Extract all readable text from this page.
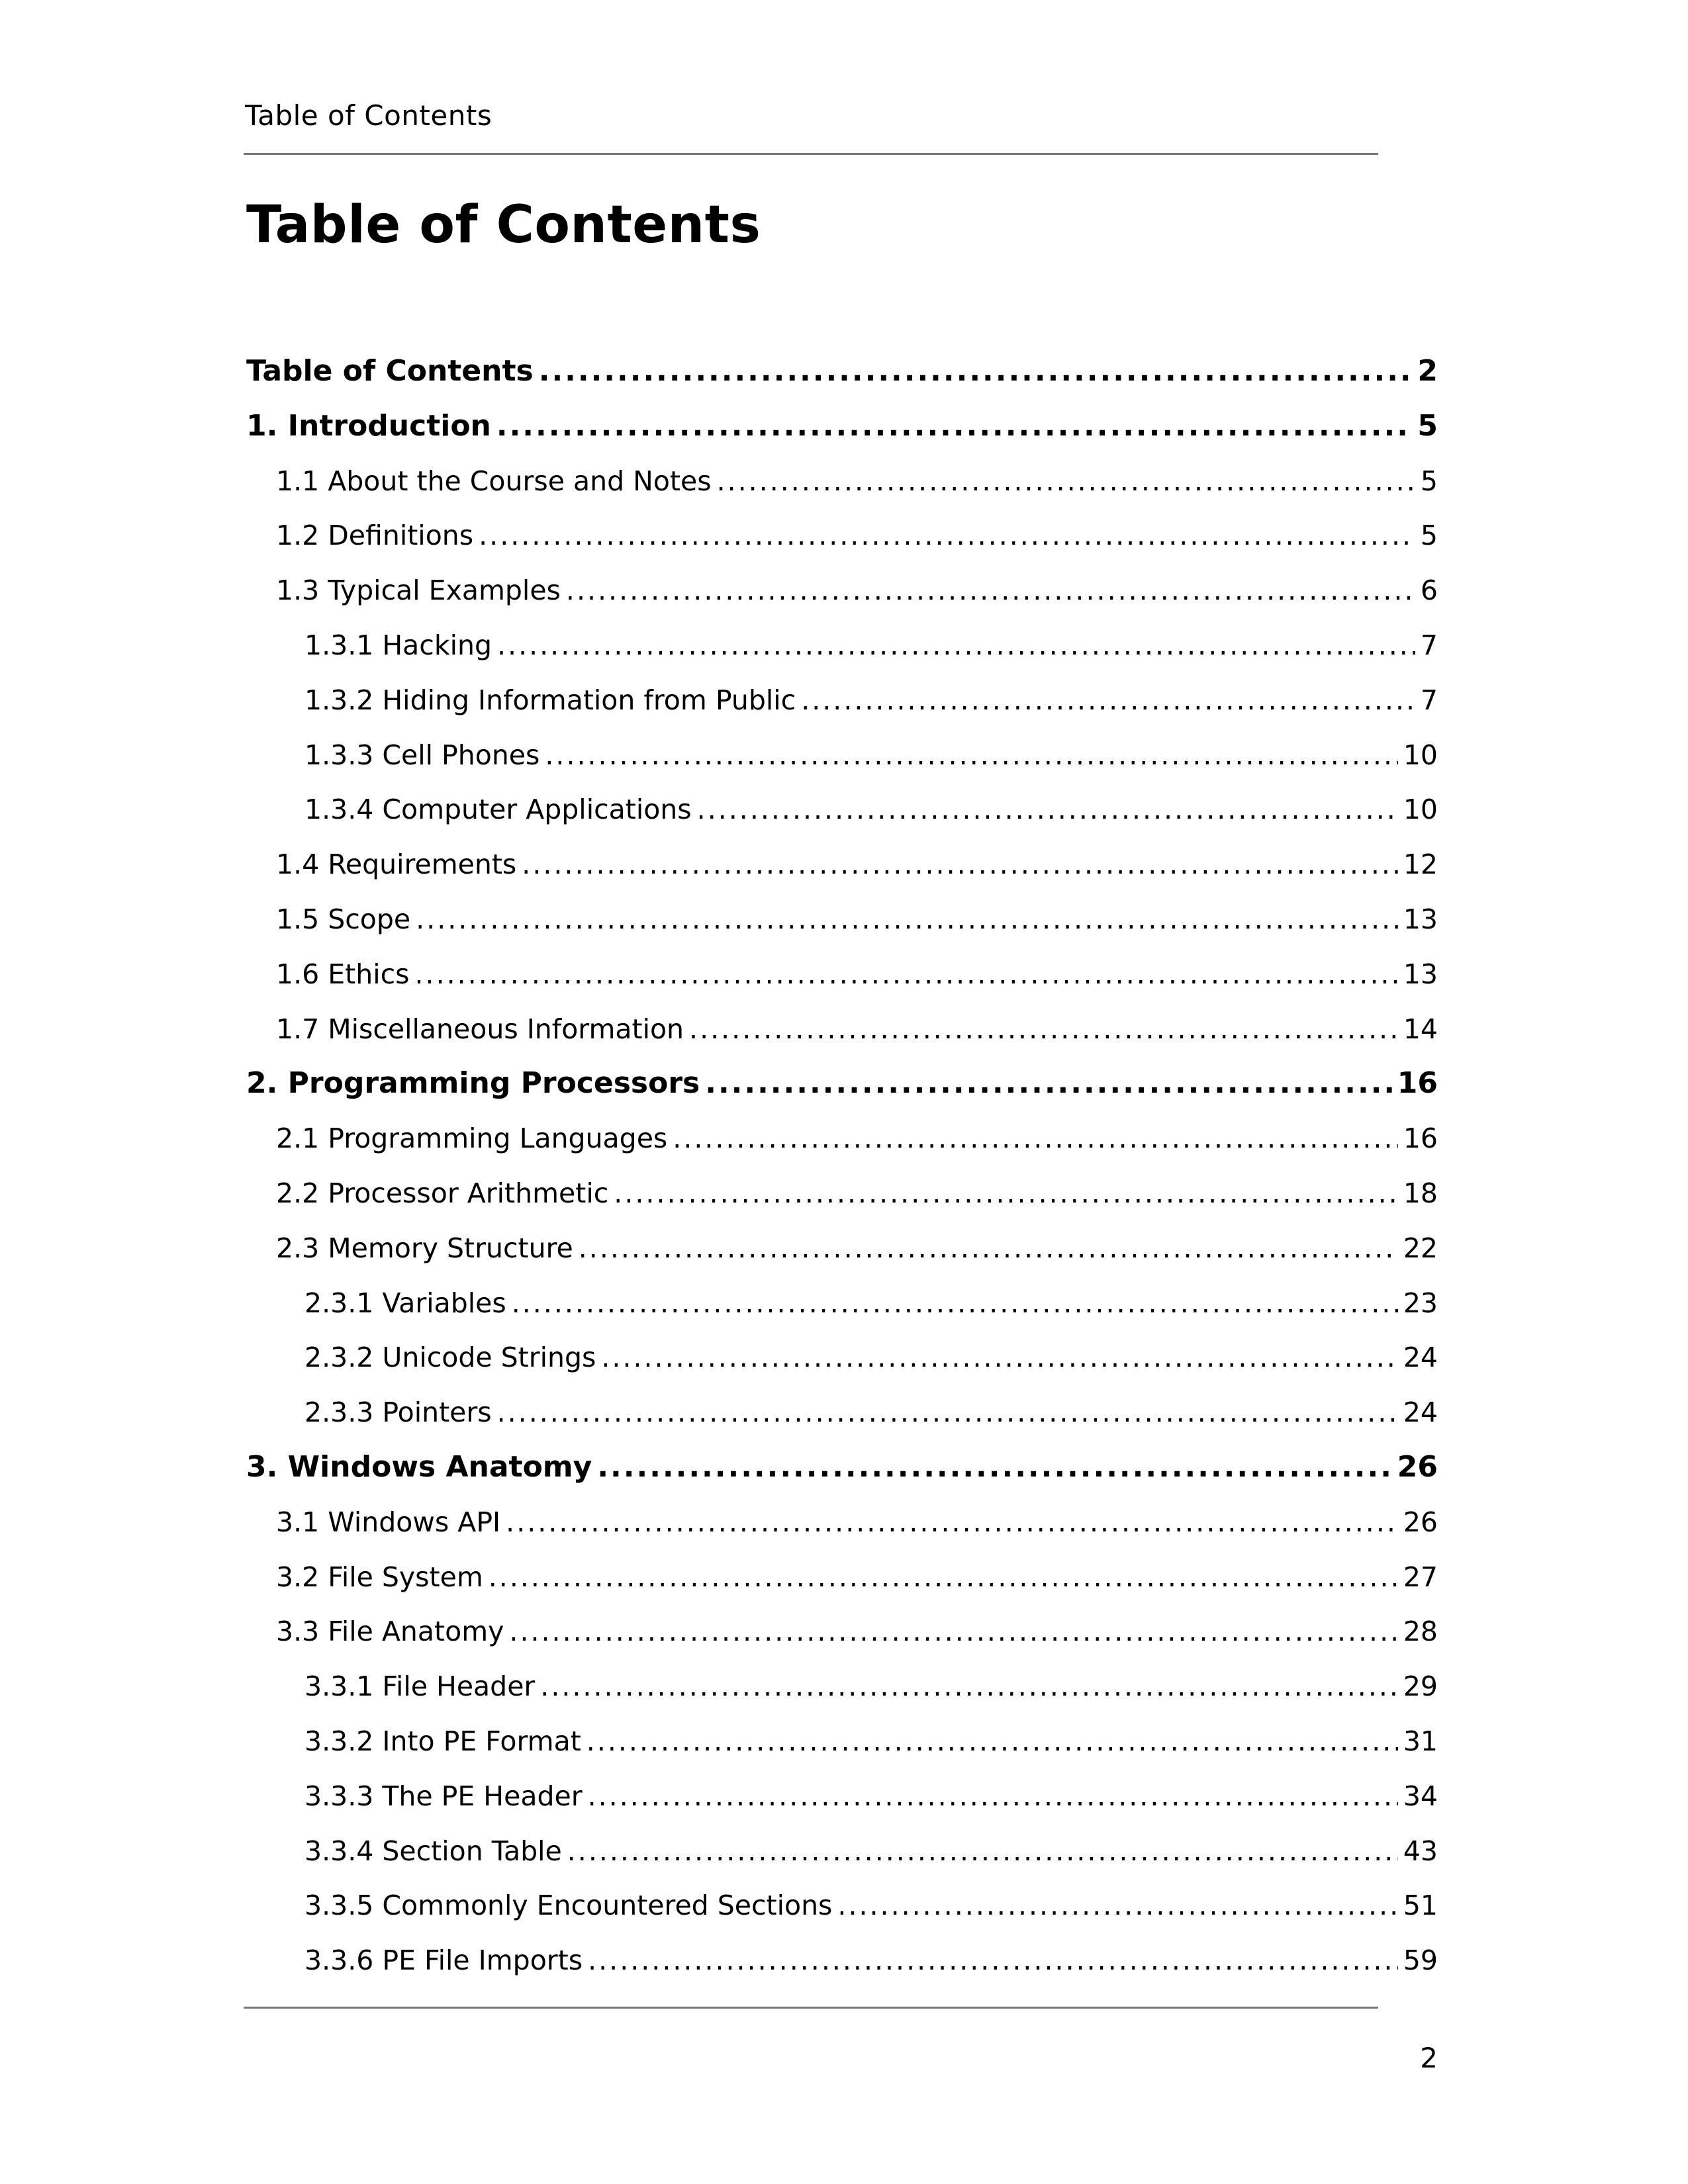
Table of Contents
Table of Contents
Table of Contents .....	2
1. Introduction .....	5
1.1 About the Course and Notes .....	5
1.2 Definitions .....	5
1.3 Typical Examples .....	6
1.3.1 Hacking .....	7
1.3.2 Hiding Information from Public .....	7
1.3.3 Cell Phones .....	10
1.3.4 Computer Applications .....	10
1.4 Requirements .....	12
1.5 Scope .....	13
1.6 Ethics .....	13
1.7 Miscellaneous Information .....	14
2. Programming Processors .....	16
2.1 Programming Languages .....	16
2.2 Processor Arithmetic .....	18
2.3 Memory Structure .....	22
2.3.1 Variables .....	23
2.3.2 Unicode Strings .....	24
2.3.3 Pointers .....	24
3. Windows Anatomy .....	26
3.1 Windows API .....	26
3.2 File System .....	27
3.3 File Anatomy .....	28
3.3.1 File Header .....	29
3.3.2 Into PE Format .....	31
3.3.3 The PE Header .....	34
3.3.4 Section Table .....	43
3.3.5 Commonly Encountered Sections .....	51
3.3.6 PE File Imports .....	59
2
